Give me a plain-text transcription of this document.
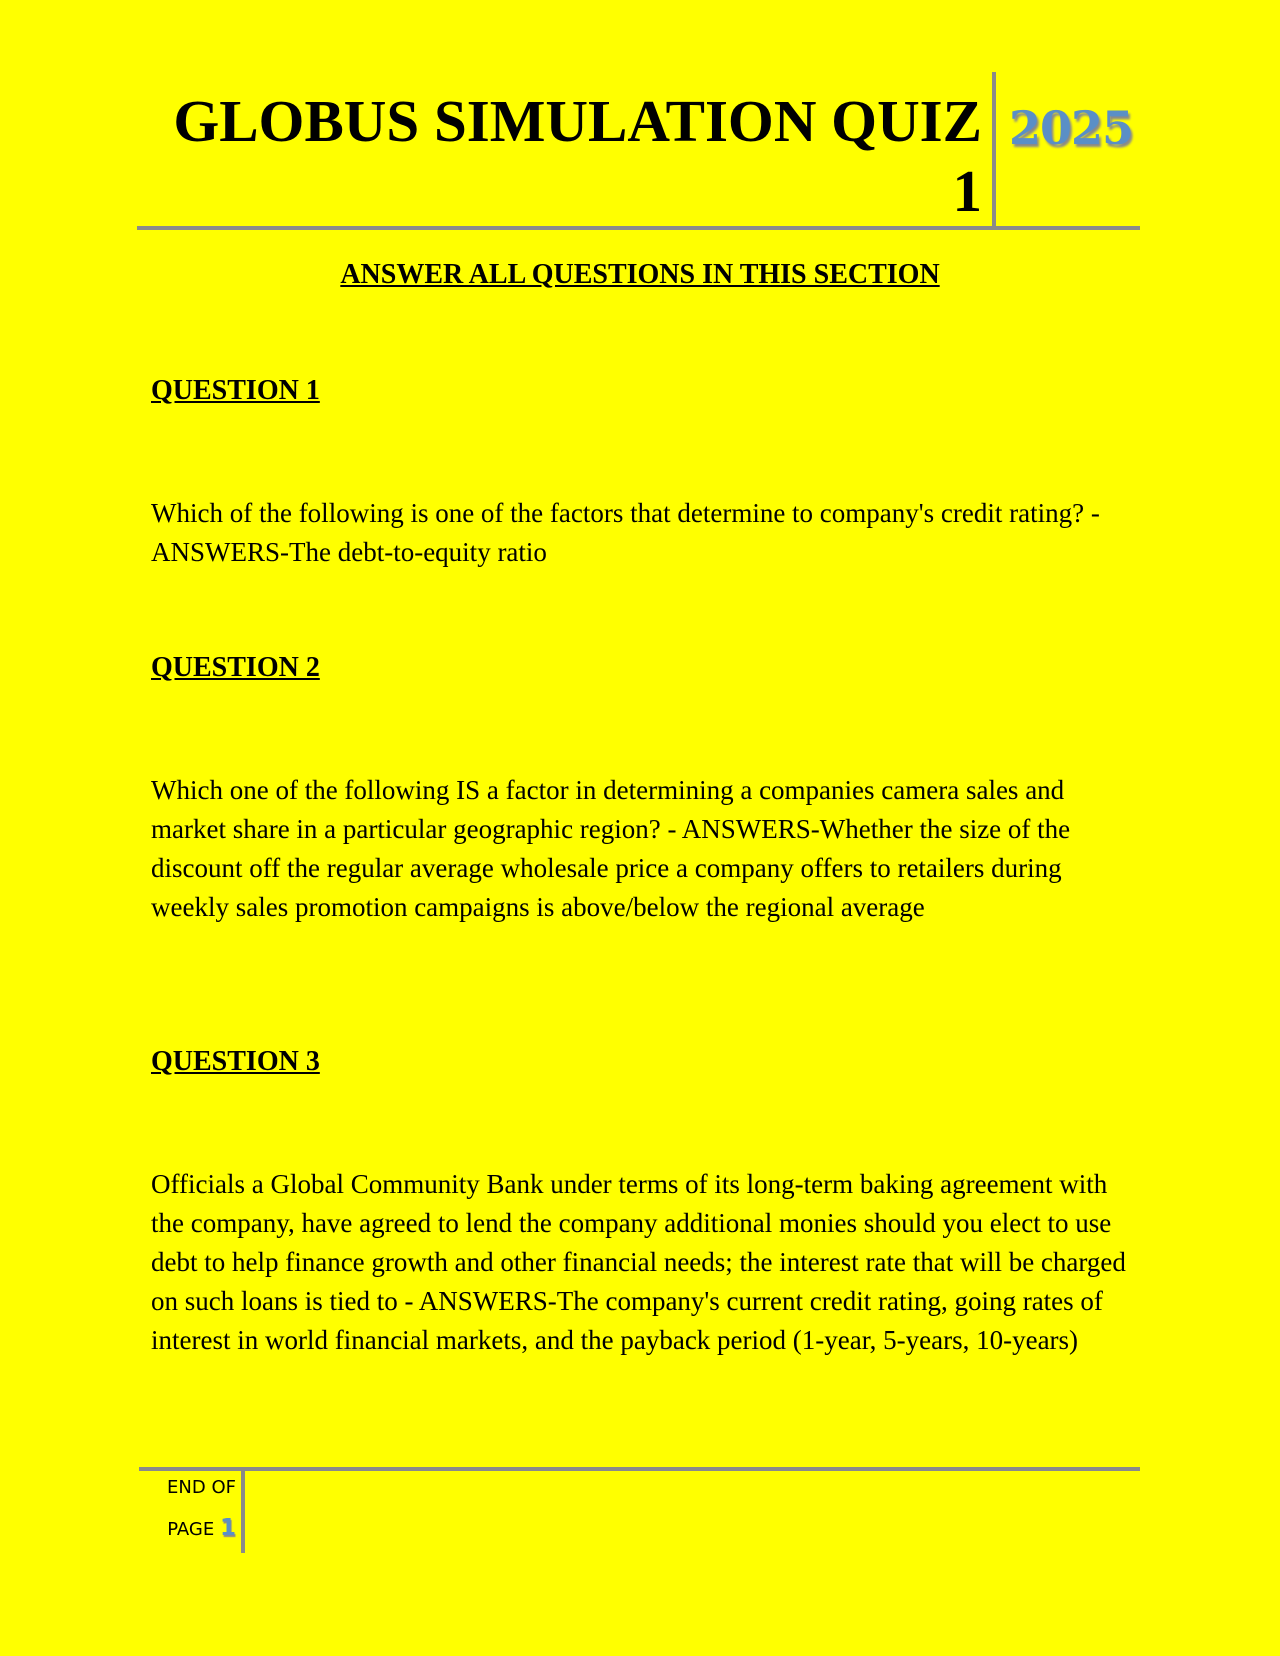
GLOBUS SIMULATION QUIZ 1
2025
ANSWER ALL QUESTIONS IN THIS SECTION
QUESTION 1
Which of the following is one of the factors that determine to company's credit rating? - ANSWERS-The debt-to-equity ratio
QUESTION 2
Which one of the following IS a factor in determining a companies camera sales and market share in a particular geographic region? - ANSWERS-Whether the size of the discount off the regular average wholesale price a company offers to retailers during weekly sales promotion campaigns is above/below the regional average
QUESTION 3
Officials a Global Community Bank under terms of its long-term baking agreement with the company, have agreed to lend the company additional monies should you elect to use debt to help finance growth and other financial needs; the interest rate that will be charged on such loans is tied to - ANSWERS-The company's current credit rating, going rates of interest in world financial markets, and the payback period (1-year, 5-years, 10-years)
END OF
PAGE 1
